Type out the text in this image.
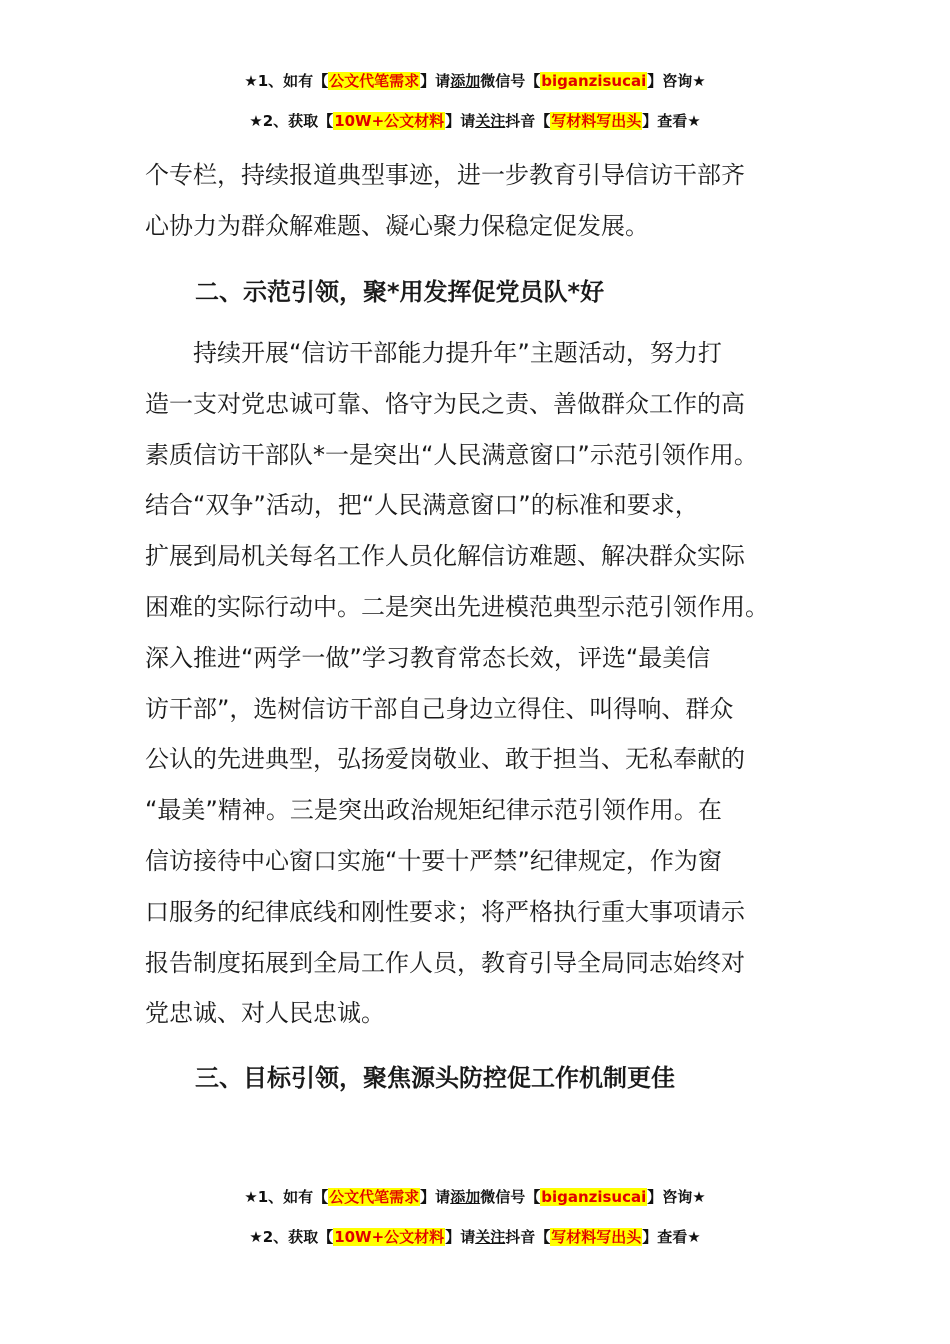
★1、如有【公文代笔需求】请添加微信号【biganzisucai】咨询★
★2、获取【10W+公文材料】请关注抖音【写材料写出头】查看★
个专栏，持续报道典型事迹，进一步教育引导信访干部齐
心协力为群众解难题、凝心聚力保稳定促发展。
二、示范引领，聚*用发挥促党员队*好
　　持续开展“信访干部能力提升年”主题活动，努力打
造一支对党忠诚可靠、恪守为民之责、善做群众工作的高
素质信访干部队*一是突出“人民满意窗口”示范引领作用。
结合“双争”活动，把“人民满意窗口”的标准和要求，
扩展到局机关每名工作人员化解信访难题、解决群众实际
困难的实际行动中。二是突出先进模范典型示范引领作用。
深入推进“两学一做”学习教育常态长效，评选“最美信
访干部”，选树信访干部自己身边立得住、叫得响、群众
公认的先进典型，弘扬爱岗敬业、敢于担当、无私奉献的
“最美”精神。三是突出政治规矩纪律示范引领作用。在
信访接待中心窗口实施“十要十严禁”纪律规定，作为窗
口服务的纪律底线和刚性要求；将严格执行重大事项请示
报告制度拓展到全局工作人员，教育引导全局同志始终对
党忠诚、对人民忠诚。
三、目标引领，聚焦源头防控促工作机制更佳
★1、如有【公文代笔需求】请添加微信号【biganzisucai】咨询★
★2、获取【10W+公文材料】请关注抖音【写材料写出头】查看★
